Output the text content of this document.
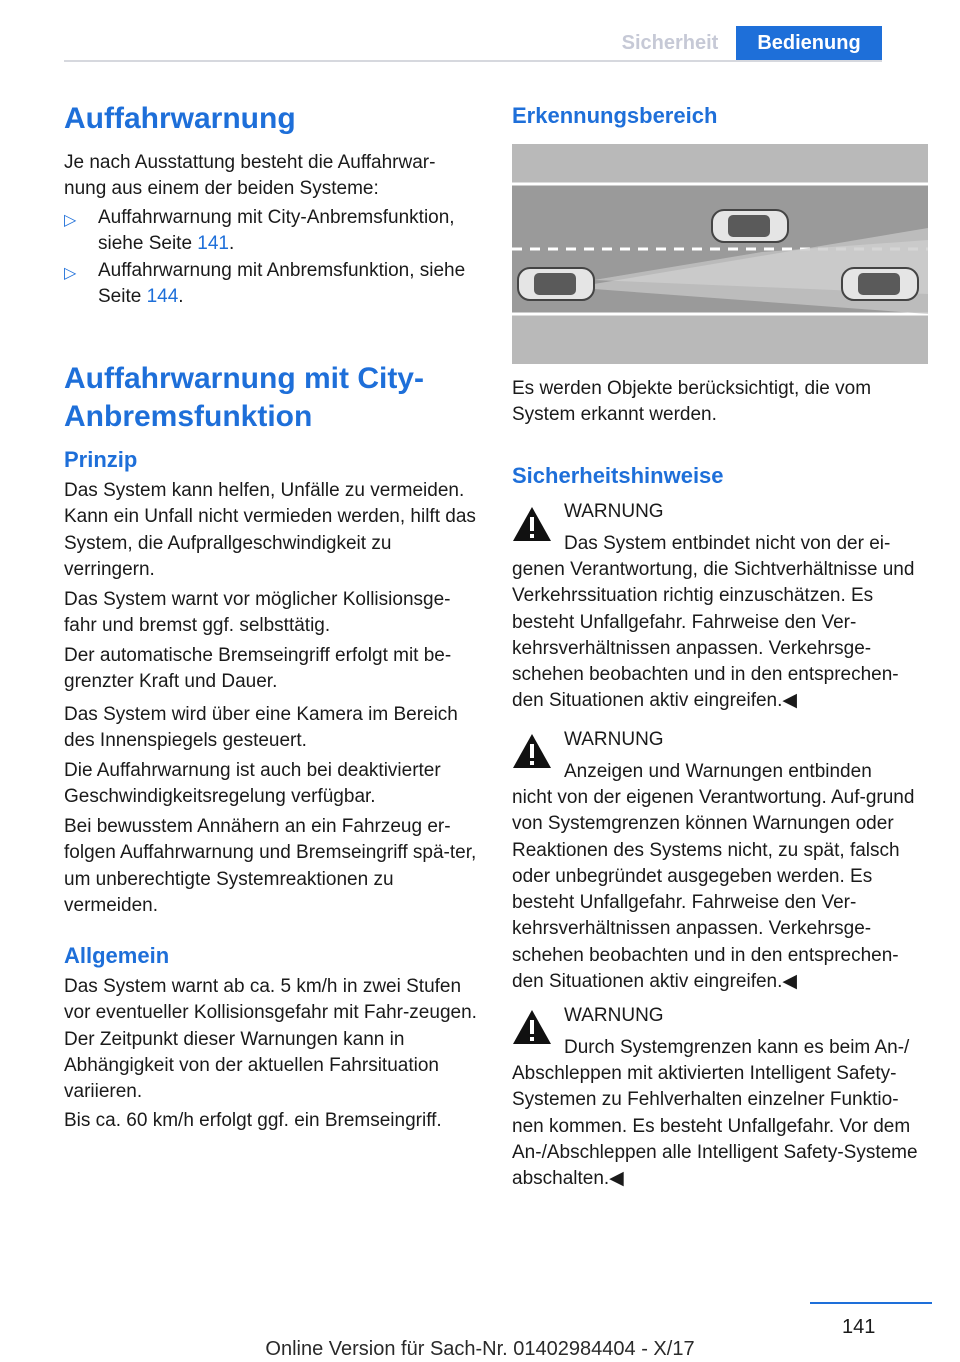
Sicherheit	Bedienung
Auffahrwarnung

Je nach Ausstattung besteht die Auffahrwar-nung aus einem der beiden Systeme:

▷ Auffahrwarnung mit City-Anbremsfunktion, siehe Seite 141.
▷ Auffahrwarnung mit Anbremsfunktion, siehe Seite 144.
Auffahrwarnung mit City-
Anbremsfunktion
Prinzip

Das System kann helfen, Unfälle zu vermeiden. Kann ein Unfall nicht vermieden werden, hilft das System, die Aufprallgeschwindigkeit zu verringern.

Das System warnt vor möglicher Kollisionsge-fahr und bremst ggf. selbsttätig.

Der automatische Bremseingriff erfolgt mit be-grenzter Kraft und Dauer.

Das System wird über eine Kamera im Bereich des Innenspiegels gesteuert.

Die Auffahrwarnung ist auch bei deaktivierter Geschwindigkeitsregelung verfügbar.

Bei bewusstem Annähern an ein Fahrzeug er-folgen Auffahrwarnung und Bremseingriff spä-ter, um unberechtigte Systemreaktionen zu vermeiden.

Allgemein

Das System warnt ab ca. 5 km/h in zwei Stufen vor eventueller Kollisionsgefahr mit Fahr-zeugen. Der Zeitpunkt dieser Warnungen kann in Abhängigkeit von der aktuellen Fahrsituation variieren.

Bis ca. 60 km/h erfolgt ggf. ein Bremseingriff.

Erkennungsbereich

Es werden Objekte berücksichtigt, die vom System erkannt werden.

Sicherheitshinweise
WARNUNG
Das System entbindet nicht von der ei-

genen Verantwortung, die Sichtverhältnisse und Verkehrssituation richtig einzuschätzen. Es besteht Unfallgefahr. Fahrweise den Ver-kehrsverhältnissen anpassen. Verkehrsge-schehen beobachten und in den entsprechen-den Situationen aktiv eingreifen.◀

WARNUNG
Anzeigen und Warnungen entbinden

nicht von der eigenen Verantwortung. Auf-grund von Systemgrenzen können Warnungen oder Reaktionen des Systems nicht, zu spät, falsch oder unbegründet ausgegeben werden. Es besteht Unfallgefahr. Fahrweise den Ver-kehrsverhältnissen anpassen. Verkehrsge-schehen beobachten und in den entsprechen-den Situationen aktiv eingreifen.◀

WARNUNG
Durch Systemgrenzen kann es beim An-/

Abschleppen mit aktivierten Intelligent Safety-Systemen zu Fehlverhalten einzelner Funktio-nen kommen. Es besteht Unfallgefahr. Vor dem An-/Abschleppen alle Intelligent Safety-Systeme abschalten.◀

141
Online Version für Sach-Nr. 01402984404 - X/17
